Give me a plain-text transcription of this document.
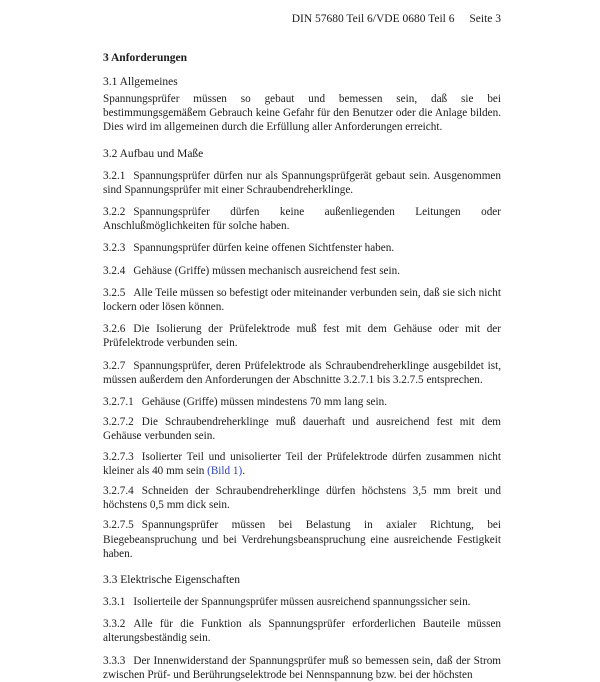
DIN 57680 Teil 6/VDE 0680 Teil 6 Seite 3
3 Anforderungen
3.1 Allgemeines

Spannungsprüfer müssen so gebaut und bemessen sein, daß sie bei bestimmungsgemäßem Gebrauch keine Gefahr für den Benutzer oder die Anlage bilden. Dies wird im allgemeinen durch die Erfüllung aller Anforderungen erreicht.

3.2 Aufbau und Maße

3.2.1 Spannungsprüfer dürfen nur als Spannungsprüfgerät gebaut sein. Ausgenommen sind Spannungsprüfer mit einer Schraubendreherklinge.

3.2.2 Spannungsprüfer dürfen keine außenliegenden Leitungen oder Anschlußmöglichkeiten für solche haben.

3.2.3 Spannungsprüfer dürfen keine offenen Sichtfenster haben.

3.2.4 Gehäuse (Griffe) müssen mechanisch ausreichend fest sein.

3.2.5 Alle Teile müssen so befestigt oder miteinander verbunden sein, daß sie sich nicht lockern oder lösen können.

3.2.6 Die Isolierung der Prüfelektrode muß fest mit dem Gehäuse oder mit der Prüfelektrode verbunden sein.

3.2.7 Spannungsprüfer, deren Prüfelektrode als Schraubendreherklinge ausgebildet ist, müssen außerdem den Anforderungen der Abschnitte 3.2.7.1 bis 3.2.7.5 entsprechen.

3.2.7.1 Gehäuse (Griffe) müssen mindestens 70 mm lang sein.

3.2.7.2 Die Schraubendreherklinge muß dauerhaft und ausreichend fest mit dem Gehäuse verbunden sein.

3.2.7.3 Isolierter Teil und unisolierter Teil der Prüfelektrode dürfen zusammen nicht kleiner als 40 mm sein (Bild 1).

3.2.7.4 Schneiden der Schraubendreherklinge dürfen höchstens 3,5 mm breit und höchstens 0,5 mm dick sein.

3.2.7.5 Spannungsprüfer müssen bei Belastung in axialer Richtung, bei Biegebeanspruchung und bei Verdrehungsbeanspruchung eine ausreichende Festigkeit haben.

3.3 Elektrische Eigenschaften

3.3.1 Isolierteile der Spannungsprüfer müssen ausreichend spannungssicher sein.

3.3.2 Alle für die Funktion als Spannungsprüfer erforderlichen Bauteile müssen alterungsbeständig sein.

3.3.3 Der Innenwiderstand der Spannungsprüfer muß so bemessen sein, daß der Strom zwischen Prüf- und Berührungselektrode bei Nennspannung bzw. bei der höchsten
